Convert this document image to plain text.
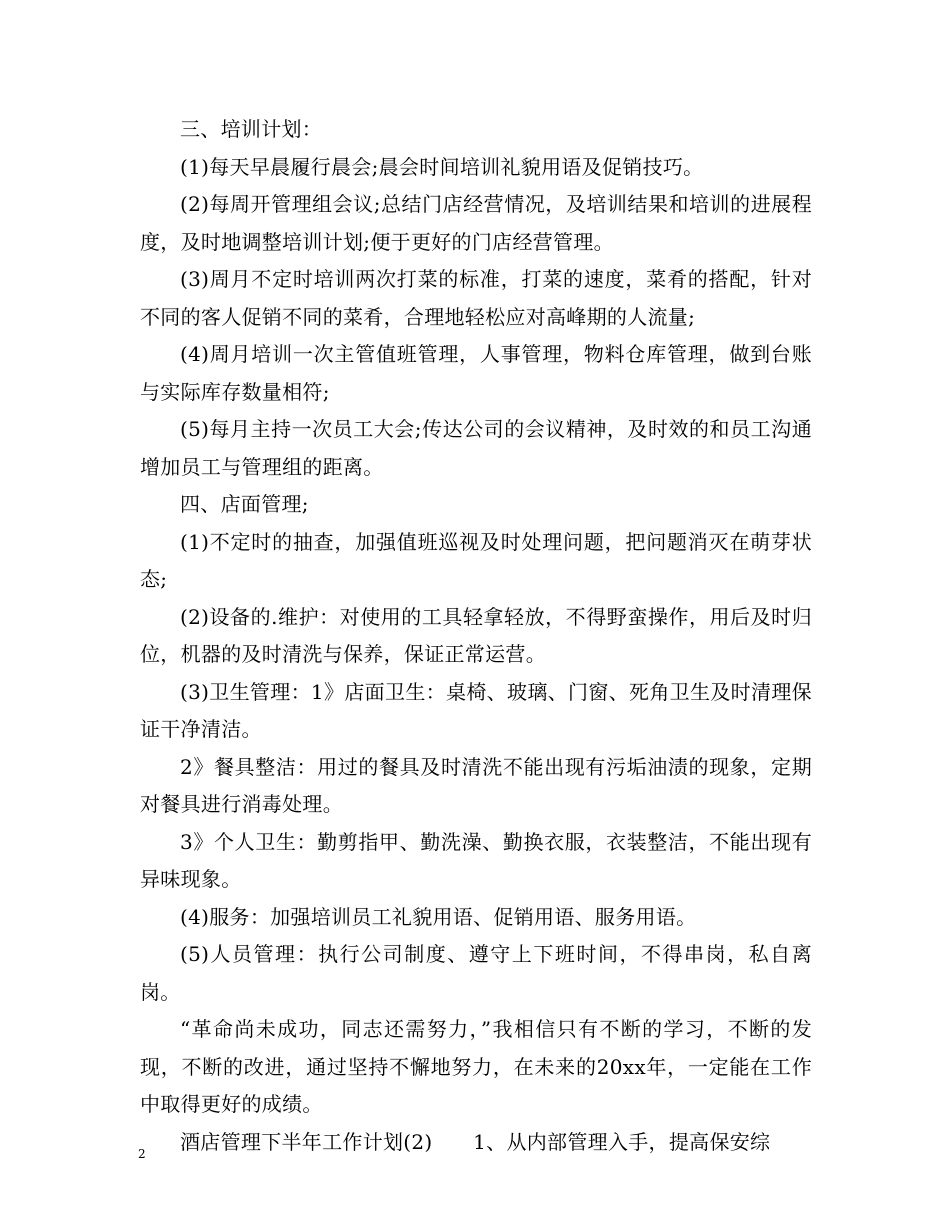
三、培训计划：

(1)每天早晨履行晨会;晨会时间培训礼貌用语及促销技巧。

(2)每周开管理组会议;总结门店经营情况，及培训结果和培训的进展程度，及时地调整培训计划;便于更好的门店经营管理。

(3)周月不定时培训两次打菜的标准，打菜的速度，菜肴的搭配，针对不同的客人促销不同的菜肴，合理地轻松应对高峰期的人流量;

(4)周月培训一次主管值班管理，人事管理，物料仓库管理，做到台账与实际库存数量相符;

(5)每月主持一次员工大会;传达公司的会议精神，及时效的和员工沟通增加员工与管理组的距离。

四、店面管理;

(1)不定时的抽查，加强值班巡视及时处理问题，把问题消灭在萌芽状态;

(2)设备的.维护：对使用的工具轻拿轻放，不得野蛮操作，用后及时归位，机器的及时清洗与保养，保证正常运营。

(3)卫生管理：1》店面卫生：桌椅、玻璃、门窗、死角卫生及时清理保证干净清洁。

2》餐具整洁：用过的餐具及时清洗不能出现有污垢油渍的现象，定期对餐具进行消毒处理。

3》个人卫生：勤剪指甲、勤洗澡、勤换衣服，衣装整洁，不能出现有异味现象。

(4)服务：加强培训员工礼貌用语、促销用语、服务用语。

(5)人员管理：执行公司制度、遵守上下班时间，不得串岗，私自离岗。

“革命尚未成功，同志还需努力，”我相信只有不断的学习，不断的发现，不断的改进，通过坚持不懈地努力，在未来的20xx年，一定能在工作中取得更好的成绩。

酒店管理下半年工作计划(2)　　1、从内部管理入手，提高保安综

2
